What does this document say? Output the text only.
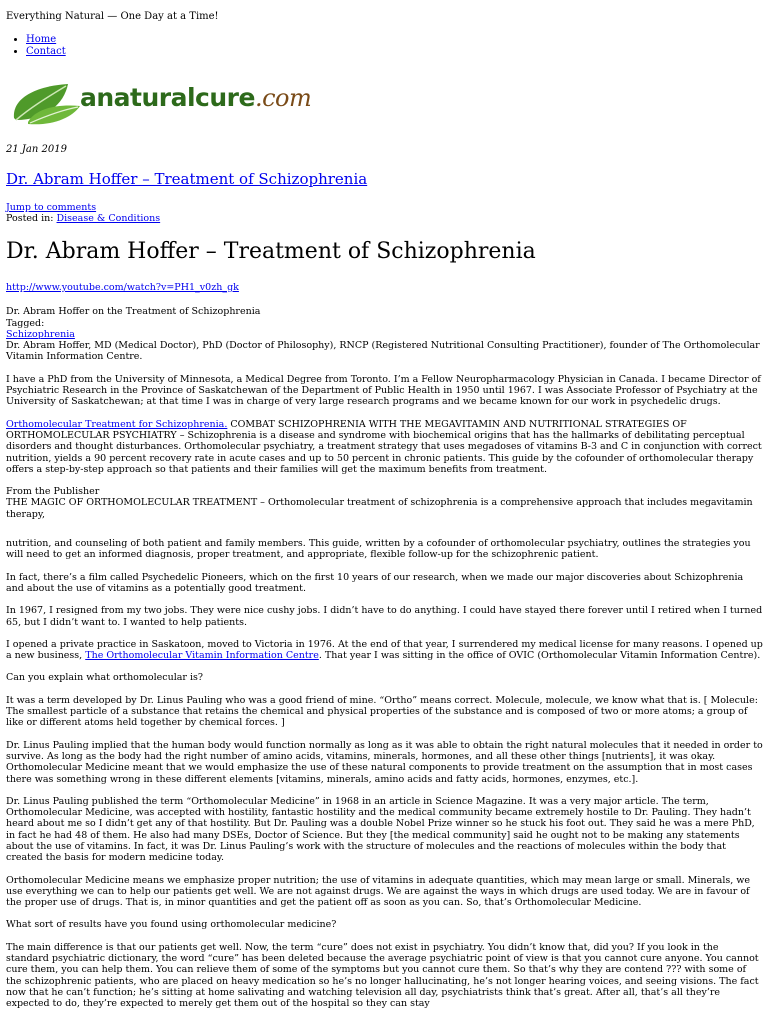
Everything Natural — One Day at a Time!
• Home
• Contact
anaturalcure.com
21 Jan 2019
Dr. Abram Hoffer – Treatment of Schizophrenia
Jump to comments
Posted in: Disease & Conditions
Dr. Abram Hoffer – Treatment of Schizophrenia

http://www.youtube.com/watch?v=PH1_v0zh_gk

Dr. Abram Hoffer on the Treatment of Schizophrenia
Tagged:
Schizophrenia
Dr. Abram Hoffer, MD (Medical Doctor), PhD (Doctor of Philosophy), RNCP (Registered Nutritional Consulting Practitioner), founder of The Orthomolecular Vitamin Information Centre.

I have a PhD from the University of Minnesota, a Medical Degree from Toronto. I’m a Fellow Neuropharmacology Physician in Canada. I became Director of Psychiatric Research in the Province of Saskatchewan of the Department of Public Health in 1950 until 1967. I was Associate Professor of Psychiatry at the University of Saskatchewan; at that time I was in charge of very large research programs and we became known for our work in psychedelic drugs.

Orthomolecular Treatment for Schizophrenia. COMBAT SCHIZOPHRENIA WITH THE MEGAVITAMIN AND NUTRITIONAL STRATEGIES OF ORTHOMOLECULAR PSYCHIATRY – Schizophrenia is a disease and syndrome with biochemical origins that has the hallmarks of debilitating perceptual disorders and thought disturbances. Orthomolecular psychiatry, a treatment strategy that uses megadoses of vitamins B-3 and C in conjunction with correct nutrition, yields a 90 percent recovery rate in acute cases and up to 50 percent in chronic patients. This guide by the cofounder of orthomolecular therapy offers a step-by-step approach so that patients and their families will get the maximum benefits from treatment.

From the Publisher
THE MAGIC OF ORTHOMOLECULAR TREATMENT – Orthomolecular treatment of schizophrenia is a comprehensive approach that includes megavitamin therapy,

nutrition, and counseling of both patient and family members. This guide, written by a cofounder of orthomolecular psychiatry, outlines the strategies you will need to get an informed diagnosis, proper treatment, and appropriate, flexible follow-up for the schizophrenic patient.

In fact, there’s a film called Psychedelic Pioneers, which on the first 10 years of our research, when we made our major discoveries about Schizophrenia and about the use of vitamins as a potentially good treatment.

In 1967, I resigned from my two jobs. They were nice cushy jobs. I didn’t have to do anything. I could have stayed there forever until I retired when I turned 65, but I didn’t want to. I wanted to help patients.

I opened a private practice in Saskatoon, moved to Victoria in 1976. At the end of that year, I surrendered my medical license for many reasons. I opened up a new business, The Orthomolecular Vitamin Information Centre. That year I was sitting in the office of OVIC (Orthomolecular Vitamin Information Centre).

Can you explain what orthomolecular is?

It was a term developed by Dr. Linus Pauling who was a good friend of mine. “Ortho” means correct. Molecule, molecule, we know what that is. [ Molecule: The smallest particle of a substance that retains the chemical and physical properties of the substance and is composed of two or more atoms; a group of like or different atoms held together by chemical forces. ]

Dr. Linus Pauling implied that the human body would function normally as long as it was able to obtain the right natural molecules that it needed in order to survive. As long as the body had the right number of amino acids, vitamins, minerals, hormones, and all these other things [nutrients], it was okay. Orthomolecular Medicine meant that we would emphasize the use of these natural components to provide treatment on the assumption that in most cases there was something wrong in these different elements [vitamins, minerals, amino acids and fatty acids, hormones, enzymes, etc.].

Dr. Linus Pauling published the term “Orthomolecular Medicine” in 1968 in an article in Science Magazine. It was a very major article. The term, Orthomolecular Medicine, was accepted with hostility, fantastic hostility and the medical community became extremely hostile to Dr. Pauling. They hadn’t heard about me so I didn’t get any of that hostility. But Dr. Pauling was a double Nobel Prize winner so he stuck his foot out. They said he was a mere PhD, in fact he had 48 of them. He also had many DSEs, Doctor of Science. But they [the medical community] said he ought not to be making any statements about the use of vitamins. In fact, it was Dr. Linus Pauling’s work with the structure of molecules and the reactions of molecules within the body that created the basis for modern medicine today.

Orthomolecular Medicine means we emphasize proper nutrition; the use of vitamins in adequate quantities, which may mean large or small. Minerals, we use everything we can to help our patients get well. We are not against drugs. We are against the ways in which drugs are used today. We are in favour of the proper use of drugs. That is, in minor quantities and get the patient off as soon as you can. So, that’s Orthomolecular Medicine.

What sort of results have you found using orthomolecular medicine?

The main difference is that our patients get well. Now, the term “cure” does not exist in psychiatry. You didn’t know that, did you? If you look in the standard psychiatric dictionary, the word “cure” has been deleted because the average psychiatric point of view is that you cannot cure anyone. You cannot cure them, you can help them. You can relieve them of some of the symptoms but you cannot cure them. So that’s why they are contend ??? with some of the schizophrenic patients, who are placed on heavy medication so he’s no longer hallucinating, he’s not longer hearing voices, and seeing visions. The fact now that he can’t function; he’s sitting at home salivating and watching television all day, psychiatrists think that’s great. After all, that’s all they’re expected to do, they’re expected to merely get them out of the hospital so they can stay
